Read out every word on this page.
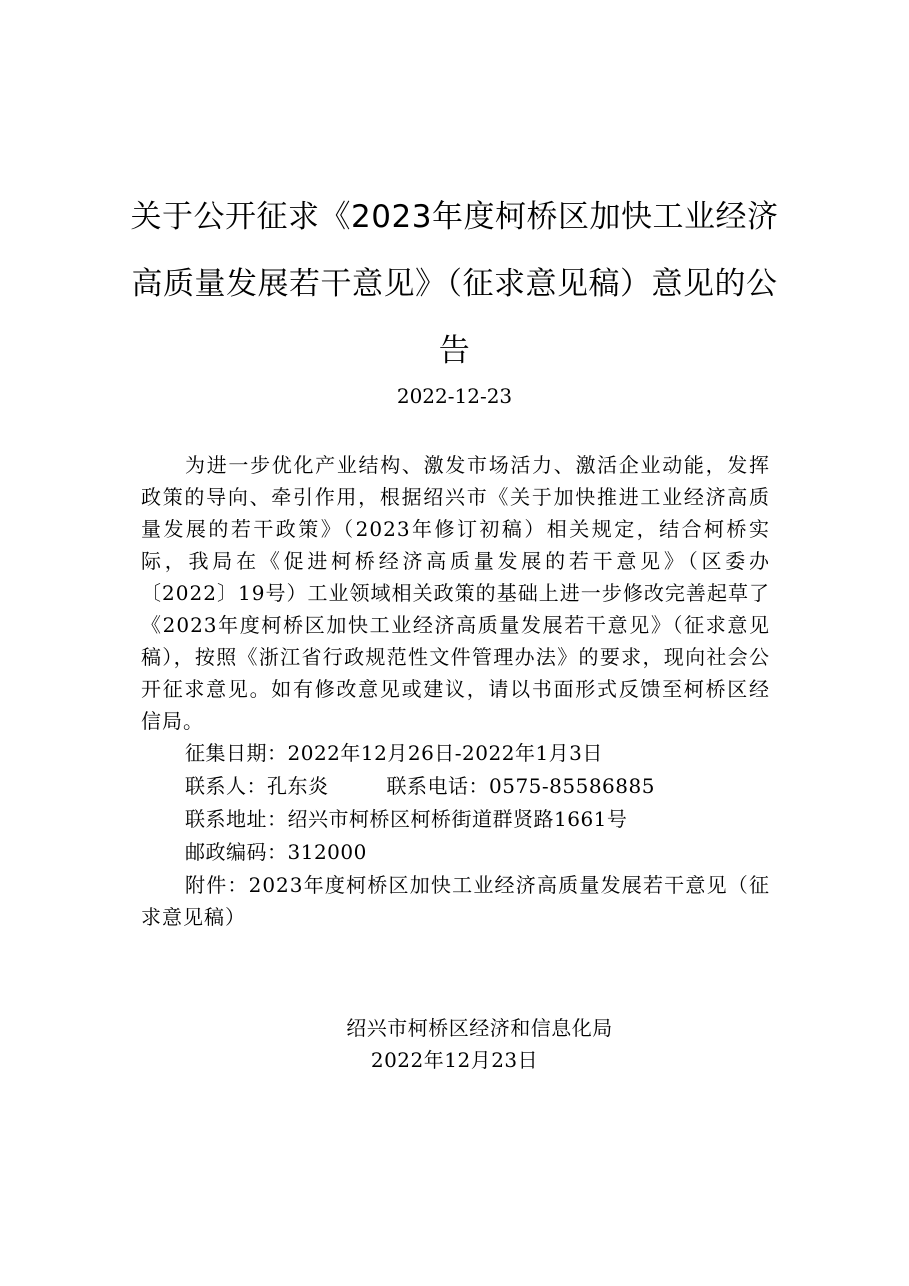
关于公开征求《2023年度柯桥区加快工业经济高质量发展若干意见》（征求意见稿）意见的公告
2022-12-23

为进一步优化产业结构、激发市场活力、激活企业动能，发挥政策的导向、牵引作用，根据绍兴市《关于加快推进工业经济高质量发展的若干政策》（2023年修订初稿）相关规定，结合柯桥实际，我局在《促进柯桥经济高质量发展的若干意见》（区委办〔2022〕19号）工业领域相关政策的基础上进一步修改完善起草了《2023年度柯桥区加快工业经济高质量发展若干意见》（征求意见稿），按照《浙江省行政规范性文件管理办法》的要求，现向社会公开征求意见。如有修改意见或建议，请以书面形式反馈至柯桥区经信局。

征集日期：2022年12月26日-2022年1月3日

联系人：孔东炎	联系电话：0575-85586885

联系地址：绍兴市柯桥区柯桥街道群贤路1661号

邮政编码：312000

附件：2023年度柯桥区加快工业经济高质量发展若干意见（征求意见稿）

绍兴市柯桥区经济和信息化局
2022年12月23日
